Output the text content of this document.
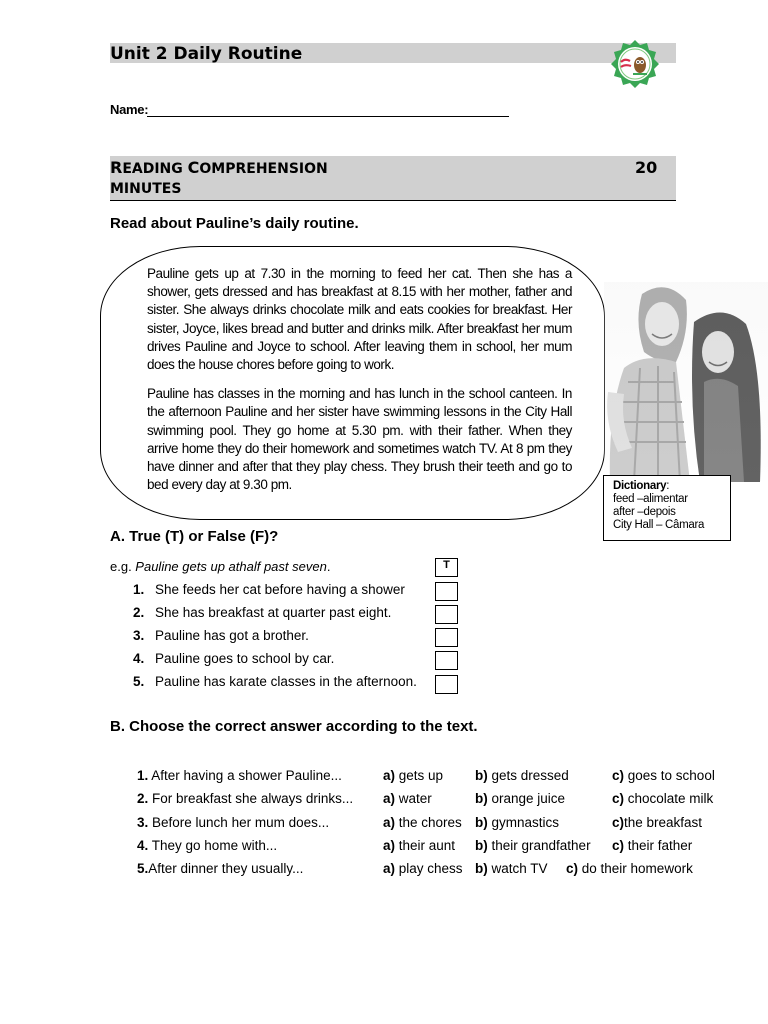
Unit 2 Daily Routine
Name:
READING COMPREHENSION	20
MINUTES
Read about Pauline’s daily routine.

Pauline gets up at 7.30 in the morning to feed her cat. Then she has a shower, gets dressed and has breakfast at 8.15 with her mother, father and sister. She always drinks chocolate milk and eats cookies for breakfast. Her sister, Joyce, likes bread and butter and drinks milk. After breakfast her mum drives Pauline and Joyce to school. After leaving them in school, her mum does the house chores before going to work.

Pauline has classes in the morning and has lunch in the school canteen. In the afternoon Pauline and her sister have swimming lessons in the City Hall swimming pool. They go home at 5.30 pm. with their father. When they arrive home they do their homework and sometimes watch TV. At 8 pm they have dinner and after that they play chess. They brush their teeth and go to bed every day at 9.30 pm.	Dictionary:
feed –alimentar
after –depois
City Hall – Câmara
A. True (T) or False (F)?
e.g. Pauline gets up athalf past seven.	T
1. She feeds her cat before having a shower
2. She has breakfast at quarter past eight.
3. Pauline has got a brother.
4. Pauline goes to school by car.
5. Pauline has karate classes in the afternoon.
B. Choose the correct answer according to the text.
1. After having a shower Pauline...	a) gets up b) gets dressed	c) goes to school
2. For breakfast she always drinks... a) water	b) orange juice	c) chocolate milk
3. Before lunch her mum does...	a) the chores b) gymnastics	c)the breakfast
4. They go home with...	a) their aunt b) their grandfather c) their father
5.After dinner they usually...	a) play chess b) watch TV c) do their homework
